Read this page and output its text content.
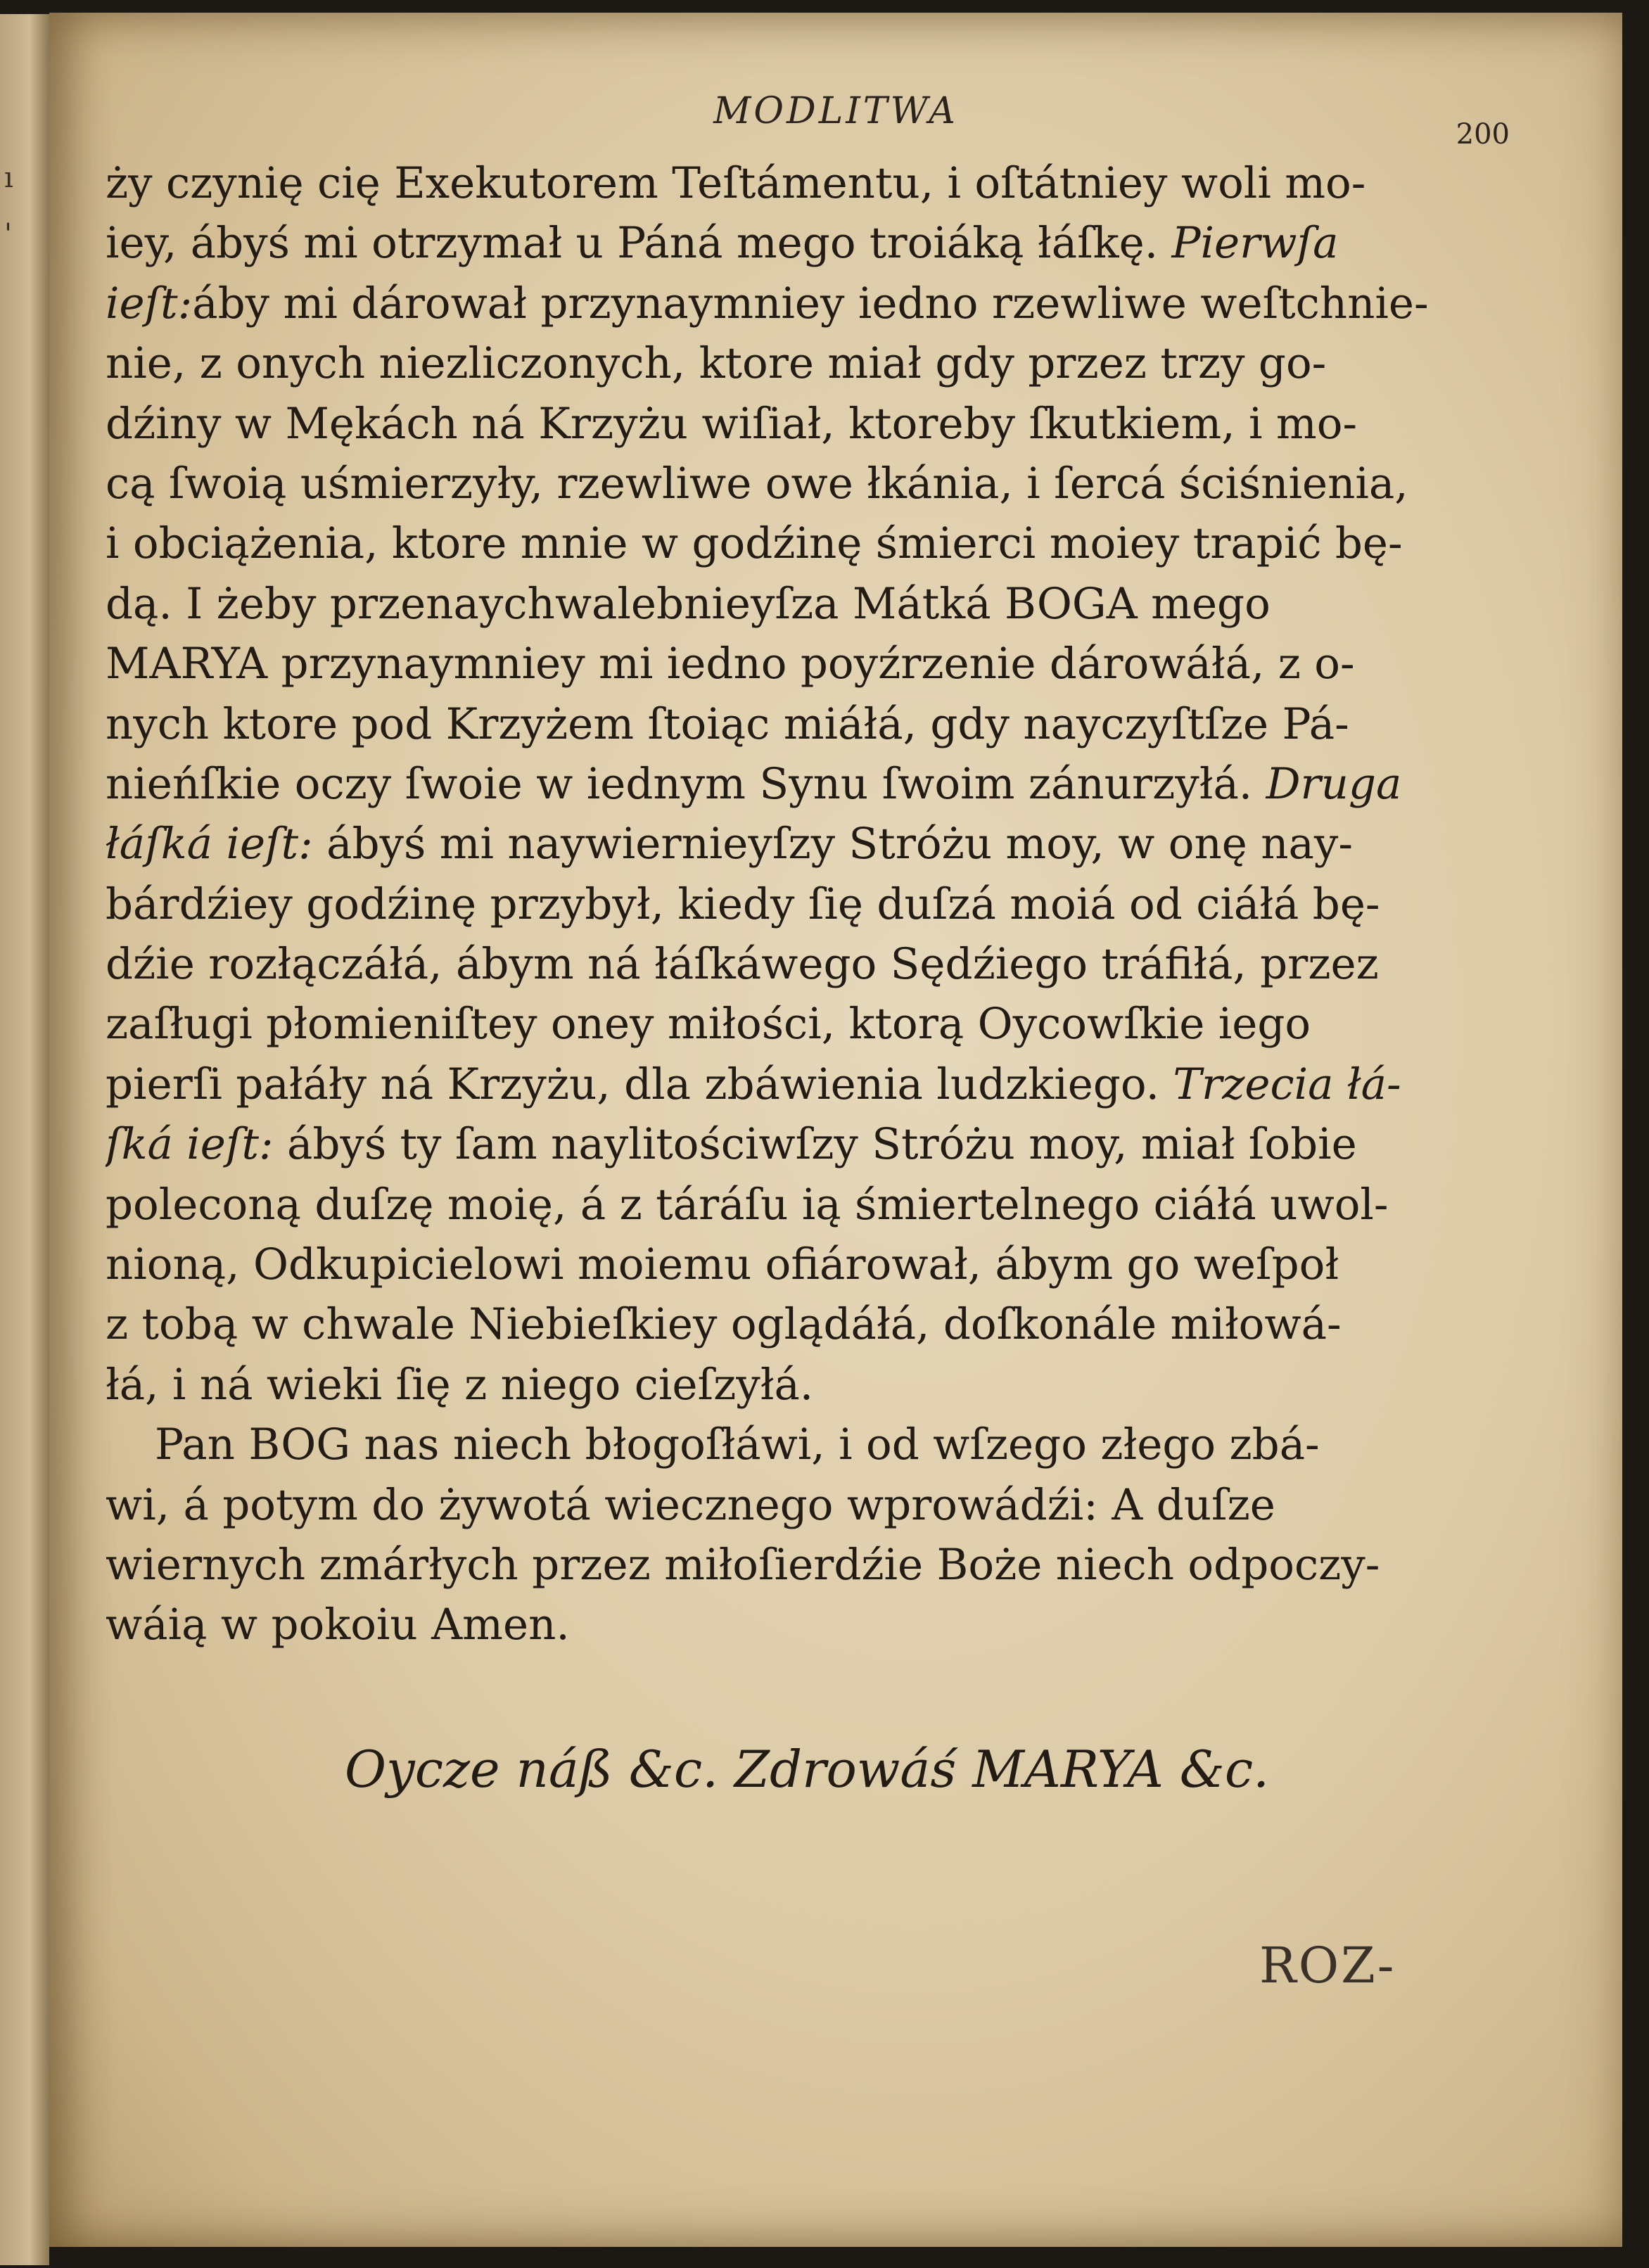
ı
ꞌ
MODLITWA
200
ży czynię cię Exekutorem Teſtámentu, i oſtátniey woli mo-
iey, ábyś mi otrzymał u Páná mego troiáką łáſkę. Pierwſa
ieſt:áby mi dárował przynaymniey iedno rzewliwe weſtchnie-
nie, z onych niezliczonych, ktore miał gdy przez trzy go-
dźiny w Mękách ná Krzyżu wiſiał, ktoreby ſkutkiem, i mo-
cą ſwoią uśmierzyły, rzewliwe owe łkánia, i ſercá ściśnienia,
i obciążenia, ktore mnie w godźinę śmierci moiey trapić bę-
dą. I żeby przenaychwalebnieyſza Mátká BOGA mego
MARYA przynaymniey mi iedno poyźrzenie dárowáłá, z o-
nych ktore pod Krzyżem ſtoiąc miáłá, gdy nayczyſtſze Pá-
nieńſkie oczy ſwoie w iednym Synu ſwoim zánurzyłá. Druga
łáſká ieſt: ábyś mi naywiernieyſzy Stróżu moy, w onę nay-
bárdźiey godźinę przybył, kiedy ſię duſzá moiá od ciáłá bę-
dźie rozłączáłá, ábym ná łáſkáwego Sędźiego tráfiłá, przez
zaſługi płomieniſtey oney miłości, ktorą Oycowſkie iego
pierſi pałáły ná Krzyżu, dla zbáwienia ludzkiego. Trzecia łá-
ſká ieſt: ábyś ty ſam naylitościwſzy Stróżu moy, miał ſobie
poleconą duſzę moię, á z táráſu ią śmiertelnego ciáłá uwol-
nioną, Odkupicielowi moiemu ofiárował, ábym go weſpoł
z tobą w chwale Niebieſkiey oglądáłá, doſkonále miłowá-
łá, i ná wieki ſię z niego cieſzyłá.
Pan BOG nas niech błogoſłáwi, i od wſzego złego zbá-
wi, á potym do żywotá wiecznego wprowádźi: A duſze
wiernych zmárłych przez miłoſierdźie Boże niech odpoczy-
wáią w pokoiu Amen.
Oycze náß &c. Zdrowáś MARYA &c.
ROZ-
